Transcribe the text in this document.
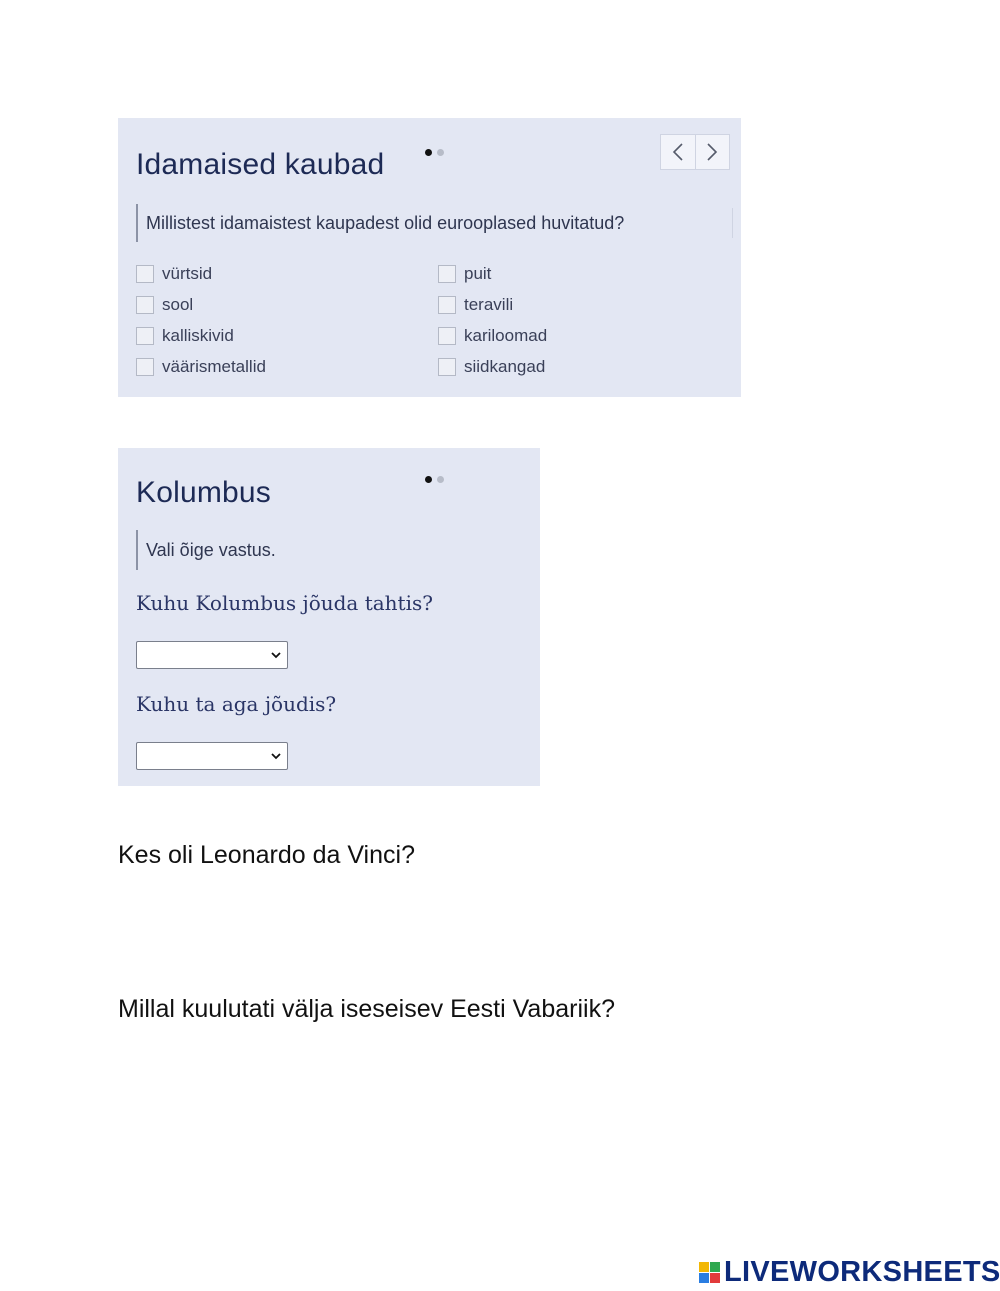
Idamaised kaubad
Millistest idamaistest kaupadest olid eurooplased huvitatud?
vürtsid
sool
kalliskivid
väärismetallid
puit
teravili
kariloomad
siidkangad
Kolumbus
Vali õige vastus.
Kuhu Kolumbus jõuda tahtis?
Kuhu ta aga jõudis?
Kes oli Leonardo da Vinci?
Millal kuulutati välja iseseisev Eesti Vabariik?
LIVEWORKSHEETS
